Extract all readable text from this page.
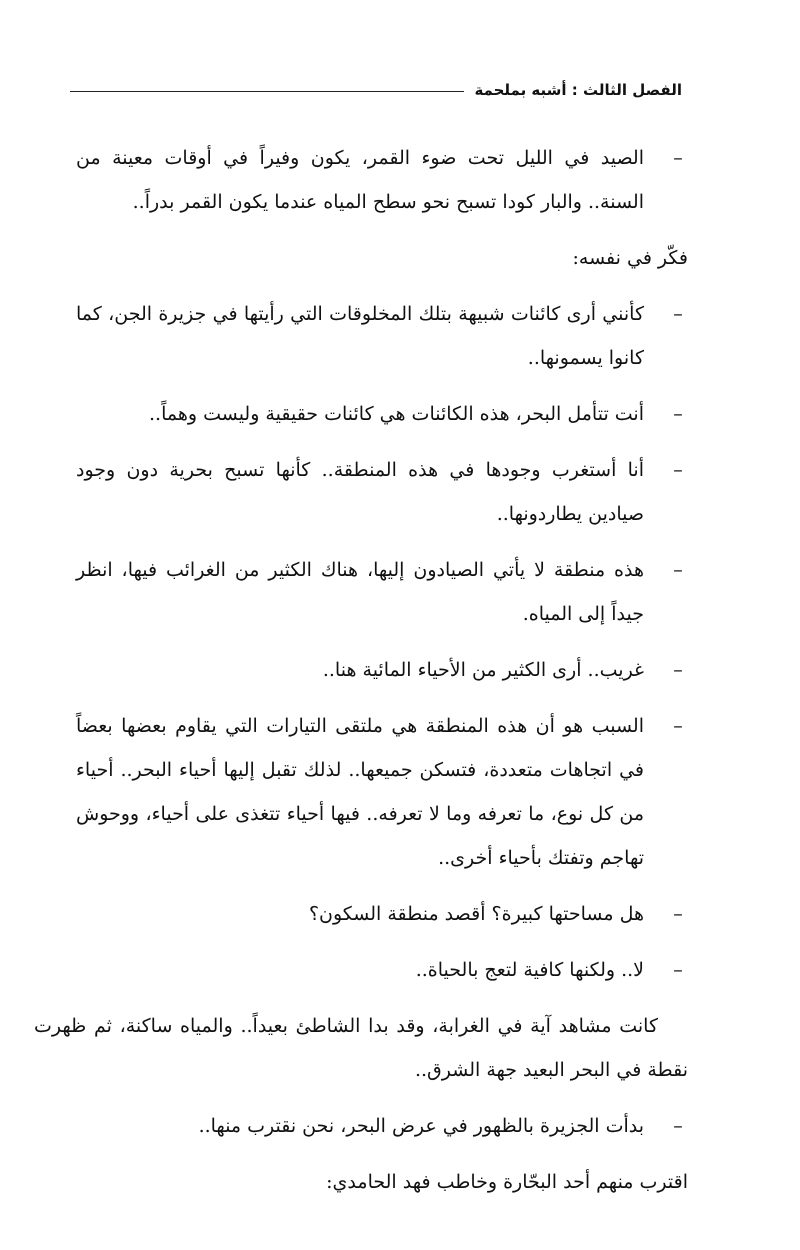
الفصل الثالث : أشبه بملحمة
–
الصيد في الليل تحت ضوء القمر، يكون وفيراً في أوقات معينة من السنة.. والبار كودا تسبح نحو سطح المياه عندما يكون القمر بدراً..
فكّر في نفسه:
–
كأنني أرى كائنات شبيهة بتلك المخلوقات التي رأيتها في جزيرة الجن، كما كانوا يسمونها..
–
أنت تتأمل البحر، هذه الكائنات هي كائنات حقيقية وليست وهماً..
–
أنا أستغرب وجودها في هذه المنطقة.. كأنها تسبح بحرية دون وجود صيادين يطاردونها..
–
هذه منطقة لا يأتي الصيادون إليها، هناك الكثير من الغرائب فيها، انظر جيداً إلى المياه.
–
غريب.. أرى الكثير من الأحياء المائية هنا..
–
السبب هو أن هذه المنطقة هي ملتقى التيارات التي يقاوم بعضها بعضاً في اتجاهات متعددة، فتسكن جميعها.. لذلك تقبل إليها أحياء البحر.. أحياء من كل نوع، ما تعرفه وما لا تعرفه.. فيها أحياء تتغذى على أحياء، ووحوش تهاجم وتفتك بأحياء أخرى..
–
هل مساحتها كبيرة؟ أقصد منطقة السكون؟
–
لا.. ولكنها كافية لتعج بالحياة..
كانت مشاهد آية في الغرابة، وقد بدا الشاطئ بعيداً.. والمياه ساكنة، ثم ظهرت نقطة في البحر البعيد جهة الشرق..
–
بدأت الجزيرة بالظهور في عرض البحر، نحن نقترب منها..
اقترب منهم أحد البحّارة وخاطب فهد الحامدي:
